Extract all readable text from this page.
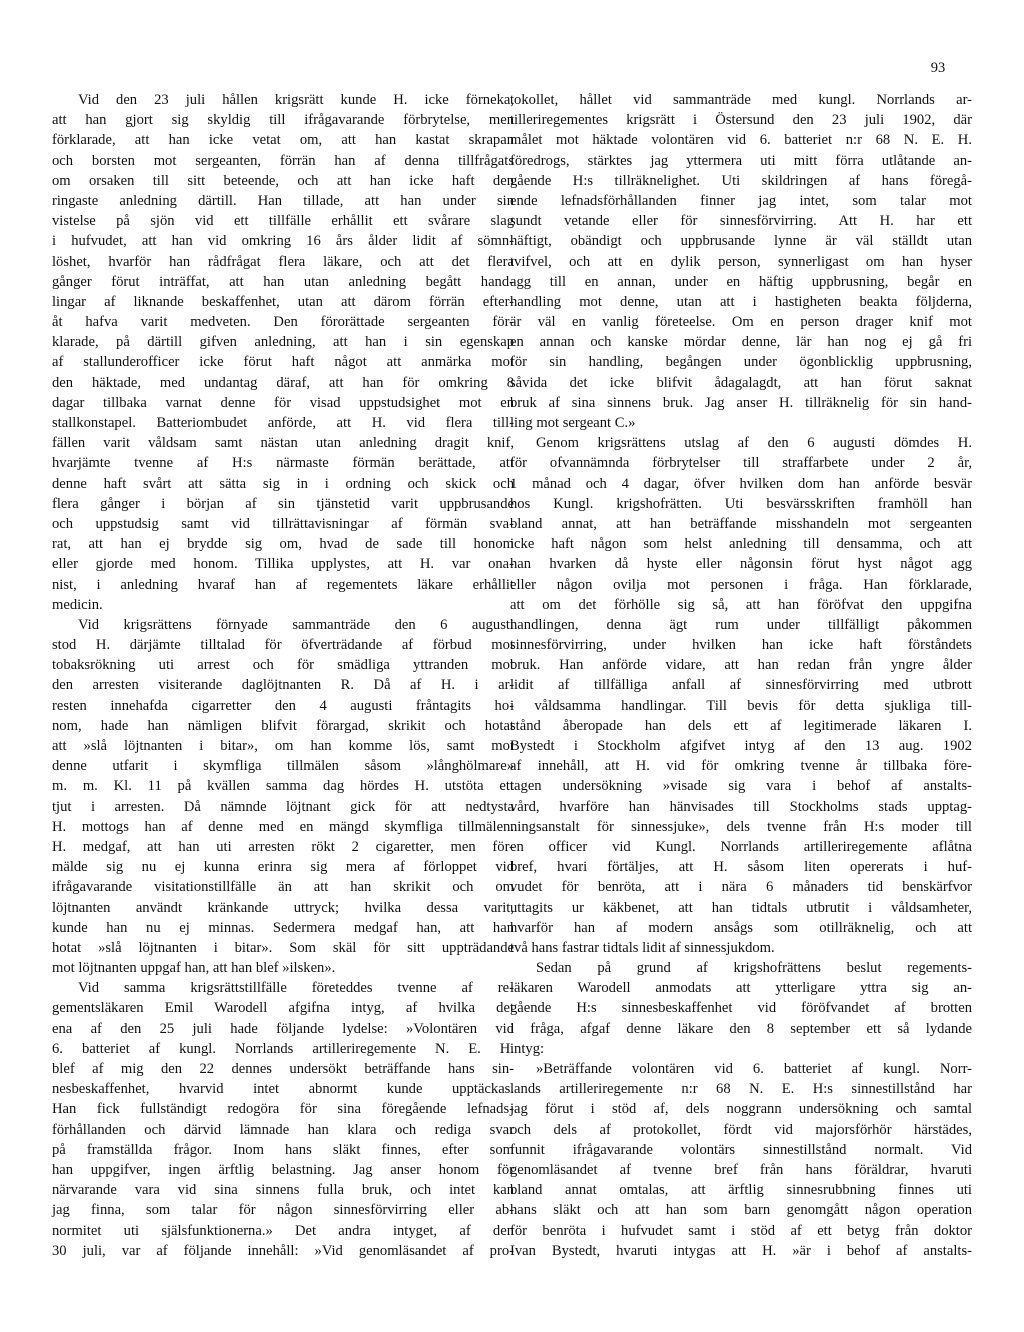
93
Vid den 23 juli hållen krigsrätt kunde H. icke förneka,
att han gjort sig skyldig till ifrågavarande förbrytelse, men
förklarade, att han icke vetat om, att han kastat skrapan
och borsten mot sergeanten, förrän han af denna tillfrågats
om orsaken till sitt beteende, och att han icke haft den
ringaste anledning därtill. Han tillade, att han under sin
vistelse på sjön vid ett tillfälle erhållit ett svårare slag
i hufvudet, att han vid omkring 16 års ålder lidit af sömn-
löshet, hvarför han rådfrågat flera läkare, och att det flera
gånger förut inträffat, att han utan anledning begått hand-
lingar af liknande beskaffenhet, utan att därom förrän efter-
åt hafva varit medveten. Den förorättade sergeanten för-
klarade, på därtill gifven anledning, att han i sin egenskap
af stallunderofficer icke förut haft något att anmärka mot
den häktade, med undantag däraf, att han för omkring 8
dagar tillbaka varnat denne för visad uppstudsighet mot en
stallkonstapel. Batteriombudet anförde, att H. vid flera till-
fällen varit våldsam samt nästan utan anledning dragit knif,
hvarjämte tvenne af H:s närmaste förmän berättade, att
denne haft svårt att sätta sig in i ordning och skick och
flera gånger i början af sin tjänstetid varit uppbrusande
och uppstudsig samt vid tillrättavisningar af förmän sva-
rat, att han ej brydde sig om, hvad de sade till honom
eller gjorde med honom. Tillika upplystes, att H. var ona-
nist, i anledning hvaraf han af regementets läkare erhållit
medicin.
Vid krigsrättens förnyade sammanträde den 6 augusti
stod H. därjämte tilltalad för öfverträdande af förbud mot
tobaksrökning uti arrest och för smädliga yttranden mot
den arresten visiterande daglöjtnanten R. Då af H. i ar-
resten innehafda cigarretter den 4 augusti fråntagits ho-
nom, hade han nämligen blifvit förargad, skrikit och hotat
att »slå löjtnanten i bitar», om han komme lös, samt mot
denne utfarit i skymfliga tillmälen såsom »långhölmare»
m. m. Kl. 11 på kvällen samma dag hördes H. utstöta ett
tjut i arresten. Då nämnde löjtnant gick för att nedtysta
H. mottogs han af denne med en mängd skymfliga tillmälen.
H. medgaf, att han uti arresten rökt 2 cigaretter, men för-
mälde sig nu ej kunna erinra sig mera af förloppet vid
ifrågavarande visitationstillfälle än att han skrikit och om
löjtnanten användt kränkande uttryck; hvilka dessa varit,
kunde han nu ej minnas. Sedermera medgaf han, att han
hotat »slå löjtnanten i bitar». Som skäl för sitt uppträdande
mot löjtnanten uppgaf han, att han blef »ilsken».
Vid samma krigsrättstillfälle företeddes tvenne af re-
gementsläkaren Emil Warodell afgifna intyg, af hvilka det
ena af den 25 juli hade följande lydelse: »Volontären vid
6. batteriet af kungl. Norrlands artilleriregemente N. E. H.
blef af mig den 22 dennes undersökt beträffande hans sin-
nesbeskaffenhet, hvarvid intet abnormt kunde upptäckas.
Han fick fullständigt redogöra för sina föregående lefnads-
förhållanden och därvid lämnade han klara och rediga svar
på framställda frågor. Inom hans släkt finnes, efter som
han uppgifver, ingen ärftlig belastning. Jag anser honom för
närvarande vara vid sina sinnens fulla bruk, och intet kan
jag finna, som talar för någon sinnesförvirring eller ab-
normitet uti själsfunktionerna.» Det andra intyget, af den
30 juli, var af följande innehåll: »Vid genomläsandet af pro-
tokollet, hållet vid sammanträde med kungl. Norrlands ar-
tilleriregementes krigsrätt i Östersund den 23 juli 1902, där
målet mot häktade volontären vid 6. batteriet n:r 68 N. E. H.
föredrogs, stärktes jag yttermera uti mitt förra utlåtande an-
gående H:s tillräknelighet. Uti skildringen af hans föregå-
ende lefnadsförhållanden finner jag intet, som talar mot
sundt vetande eller för sinnesförvirring. Att H. har ett
häftigt, obändigt och uppbrusande lynne är väl ställdt utan
tvifvel, och att en dylik person, synnerligast om han hyser
agg till en annan, under en häftig uppbrusning, begår en
handling mot denne, utan att i hastigheten beakta följderna,
är väl en vanlig företeelse. Om en person drager knif mot
en annan och kanske mördar denne, lär han nog ej gå fri
för sin handling, begången under ögonblicklig uppbrusning,
såvida det icke blifvit ådagalagdt, att han förut saknat
bruk af sina sinnens bruk. Jag anser H. tillräknelig för sin hand-
ling mot sergeant C.»
Genom krigsrättens utslag af den 6 augusti dömdes H.
för ofvannämnda förbrytelser till straffarbete under 2 år,
1 månad och 4 dagar, öfver hvilken dom han anförde besvär
hos Kungl. krigshofrätten. Uti besvärsskriften framhöll han
bland annat, att han beträffande misshandeln mot sergeanten
icke haft någon som helst anledning till densamma, och att
han hvarken då hyste eller någonsin förut hyst något agg
eller någon ovilja mot personen i fråga. Han förklarade,
att om det förhölle sig så, att han föröfvat den uppgifna
handlingen, denna ägt rum under tillfälligt påkommen
sinnesförvirring, under hvilken han icke haft förståndets
bruk. Han anförde vidare, att han redan från yngre ålder
lidit af tillfälliga anfall af sinnesförvirring med utbrott
i våldsamma handlingar. Till bevis för detta sjukliga till-
stånd åberopade han dels ett af legitimerade läkaren I.
Bystedt i Stockholm afgifvet intyg af den 13 aug. 1902
af innehåll, att H. vid för omkring tvenne år tillbaka före-
tagen undersökning »visade sig vara i behof af anstalts-
vård, hvarföre han hänvisades till Stockholms stads upptag-
ningsanstalt för sinnessjuke», dels tvenne från H:s moder till
en officer vid Kungl. Norrlands artilleriregemente aflåtna
bref, hvari förtäljes, att H. såsom liten opererats i huf-
vudet för benröta, att i nära 6 månaders tid benskärfvor
uttagits ur käkbenet, att han tidtals utbrutit i våldsamheter,
hvarför han af modern ansågs som otillräknelig, och att
två hans fastrar tidtals lidit af sinnessjukdom.
Sedan på grund af krigshofrättens beslut regements-
läkaren Warodell anmodats att ytterligare yttra sig an-
gående H:s sinnesbeskaffenhet vid föröfvandet af brotten
i fråga, afgaf denne läkare den 8 september ett så lydande
intyg:
»Beträffande volontären vid 6. batteriet af kungl. Norr-
lands artilleriregemente n:r 68 N. E. H:s sinnestillstånd har
jag förut i stöd af, dels noggrann undersökning och samtal
och dels af protokollet, fördt vid majorsförhör härstädes,
funnit ifrågavarande volontärs sinnestillstånd normalt. Vid
genomläsandet af tvenne bref från hans föräldrar, hvaruti
bland annat omtalas, att ärftlig sinnesrubbning finnes uti
hans släkt och att han som barn genomgått någon operation
för benröta i hufvudet samt i stöd af ett betyg från doktor
Ivan Bystedt, hvaruti intygas att H. »är i behof af anstalts-
